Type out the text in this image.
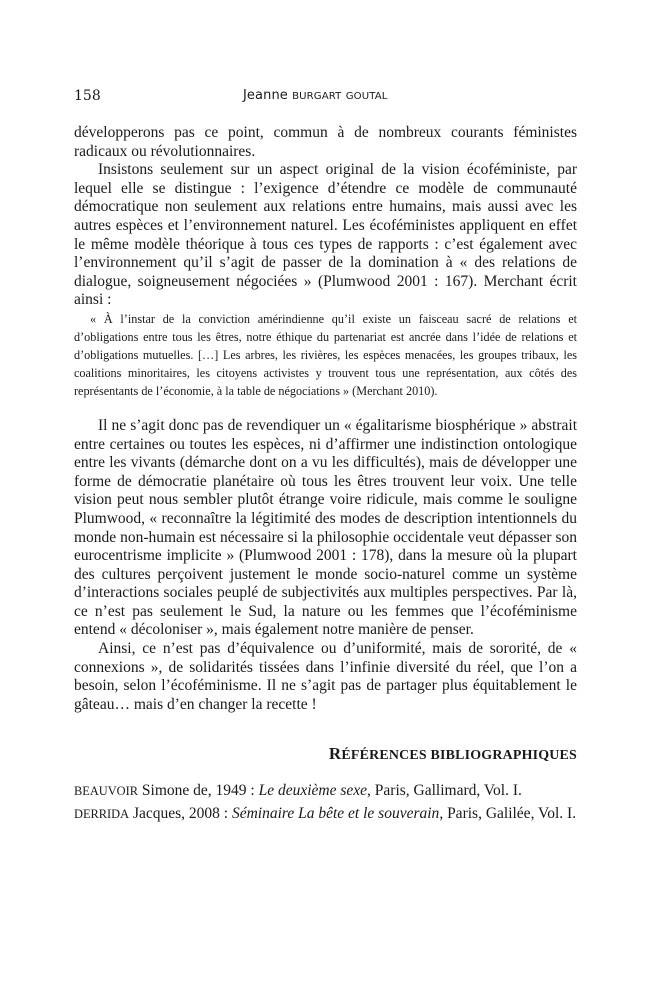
158	Jeanne BURGART GOUTAL

développerons pas ce point, commun à de nombreux courants féministes radicaux ou révolutionnaires.

Insistons seulement sur un aspect original de la vision écoféministe, par lequel elle se distingue : l’exigence d’étendre ce modèle de communauté démocratique non seulement aux relations entre humains, mais aussi avec les autres espèces et l’environnement naturel. Les écoféministes appliquent en effet le même modèle théorique à tous ces types de rapports : c’est également avec l’environnement qu’il s’agit de passer de la domination à « des relations de dialogue, soigneusement négociées » (Plumwood 2001 : 167). Merchant écrit ainsi :

« À l’instar de la conviction amérindienne qu’il existe un faisceau sacré de relations et d’obligations entre tous les êtres, notre éthique du partenariat est ancrée dans l’idée de relations et d’obligations mutuelles. […] Les arbres, les rivières, les espèces menacées, les groupes tribaux, les coalitions minoritaires, les citoyens activistes y trouvent tous une représentation, aux côtés des représentants de l’économie, à la table de négociations » (Merchant 2010).

Il ne s’agit donc pas de revendiquer un « égalitarisme biosphérique » abstrait entre certaines ou toutes les espèces, ni d’affirmer une indistinction ontologique entre les vivants (démarche dont on a vu les difficultés), mais de développer une forme de démocratie planétaire où tous les êtres trouvent leur voix. Une telle vision peut nous sembler plutôt étrange voire ridicule, mais comme le souligne Plumwood, « reconnaître la légitimité des modes de description intentionnels du monde non-humain est nécessaire si la philosophie occidentale veut dépasser son eurocentrisme implicite » (Plumwood 2001 : 178), dans la mesure où la plupart des cultures perçoivent justement le monde socio-naturel comme un système d’interactions sociales peuplé de subjectivités aux multiples perspectives. Par là, ce n’est pas seulement le Sud, la nature ou les femmes que l’écoféminisme entend « décoloniser », mais également notre manière de penser.

Ainsi, ce n’est pas d’équivalence ou d’uniformité, mais de sororité, de « connexions », de solidarités tissées dans l’infinie diversité du réel, que l’on a besoin, selon l’écoféminisme. Il ne s’agit pas de partager plus équitablement le gâteau… mais d’en changer la recette !

RÉFÉRENCES BIBLIOGRAPHIQUES
BEAUVOIR Simone de, 1949 : Le deuxième sexe, Paris, Gallimard, Vol. I.
DERRIDA Jacques, 2008 : Séminaire La bête et le souverain, Paris, Galilée, Vol. I.
